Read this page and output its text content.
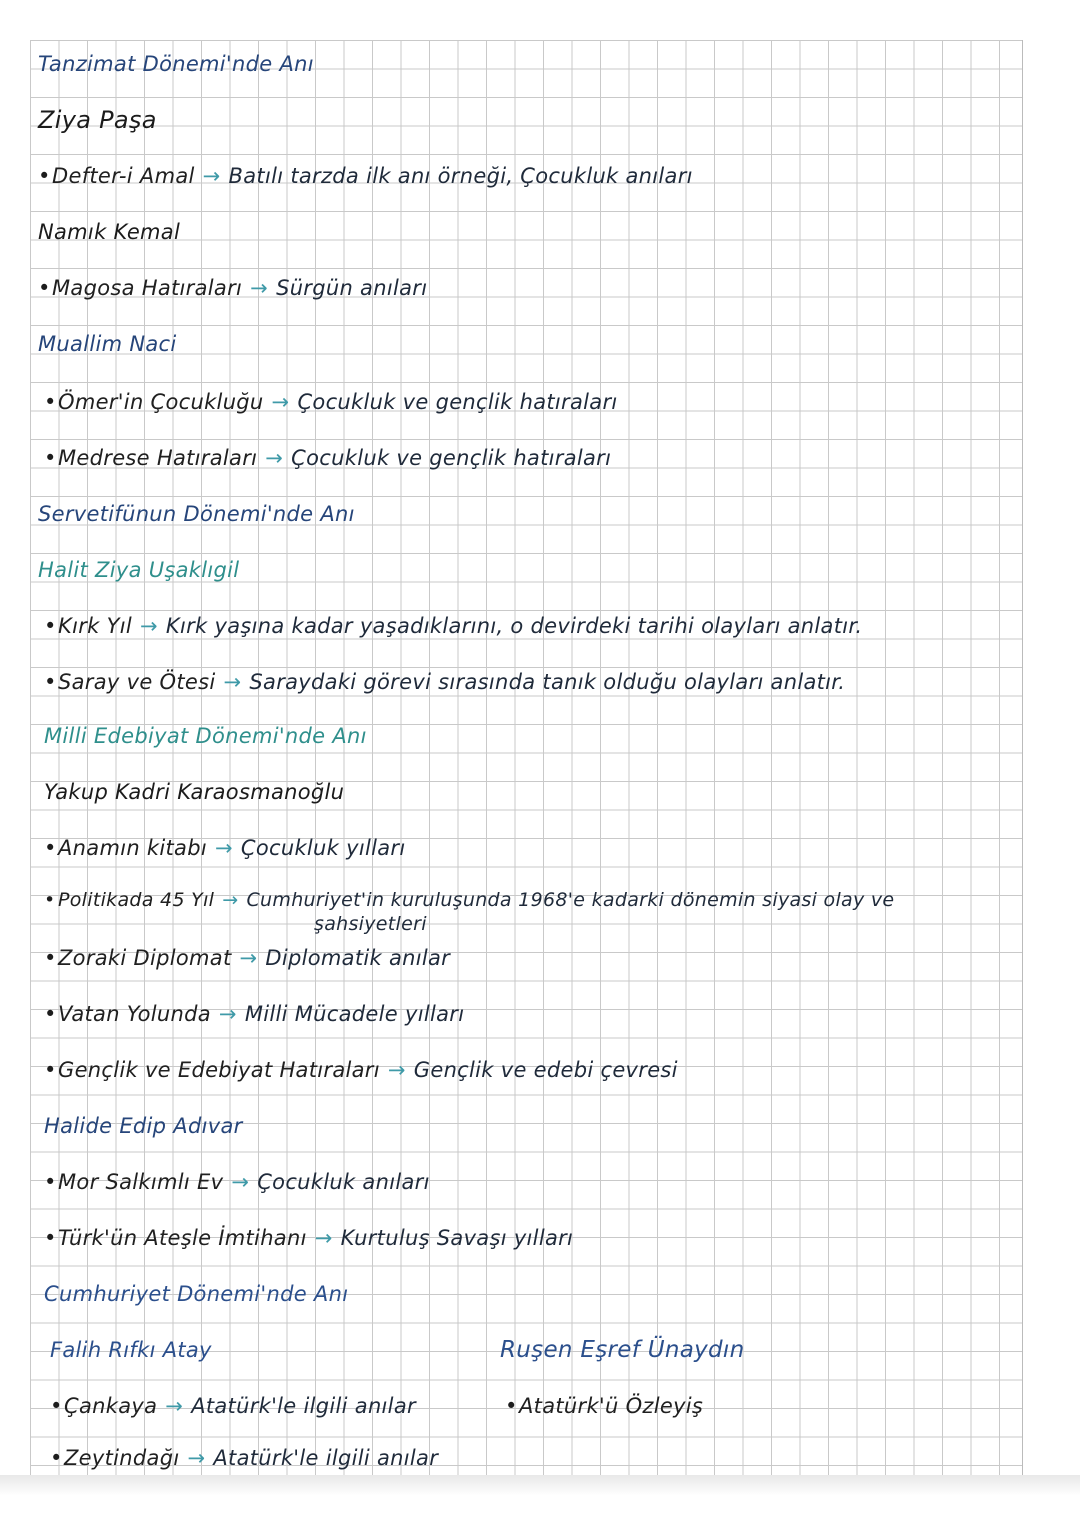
Tanzimat Dönemi'nde Anı
Ziya Paşa
•Defter-i Amal → Batılı tarzda ilk anı örneği, Çocukluk anıları
Namık Kemal
•Magosa Hatıraları → Sürgün anıları
Muallim Naci
•Ömer'in Çocukluğu → Çocukluk ve gençlik hatıraları
•Medrese Hatıraları → Çocukluk ve gençlik hatıraları
Servetifünun Dönemi'nde Anı
Halit Ziya Uşaklıgil
•Kırk Yıl → Kırk yaşına kadar yaşadıklarını, o devirdeki tarihi olayları anlatır.
•Saray ve Ötesi → Saraydaki görevi sırasında tanık olduğu olayları anlatır.
Milli Edebiyat Dönemi'nde Anı
Yakup Kadri Karaosmanoğlu
•Anamın kitabı → Çocukluk yılları
• Politikada 45 Yıl → Cumhuriyet'in kuruluşunda 1968'e kadarki dönemin siyasi olay ve
şahsiyetleri
•Zoraki Diplomat → Diplomatik anılar
•Vatan Yolunda → Milli Mücadele yılları
•Gençlik ve Edebiyat Hatıraları → Gençlik ve edebi çevresi
Halide Edip Adıvar
•Mor Salkımlı Ev → Çocukluk anıları
•Türk'ün Ateşle İmtihanı → Kurtuluş Savaşı yılları
Cumhuriyet Dönemi'nde Anı
Falih Rıfkı Atay	Ruşen Eşref Ünaydın
•Çankaya → Atatürk'le ilgili anılar	•Atatürk'ü Özleyiş
•Zeytindağı → Atatürk'le ilgili anılar
